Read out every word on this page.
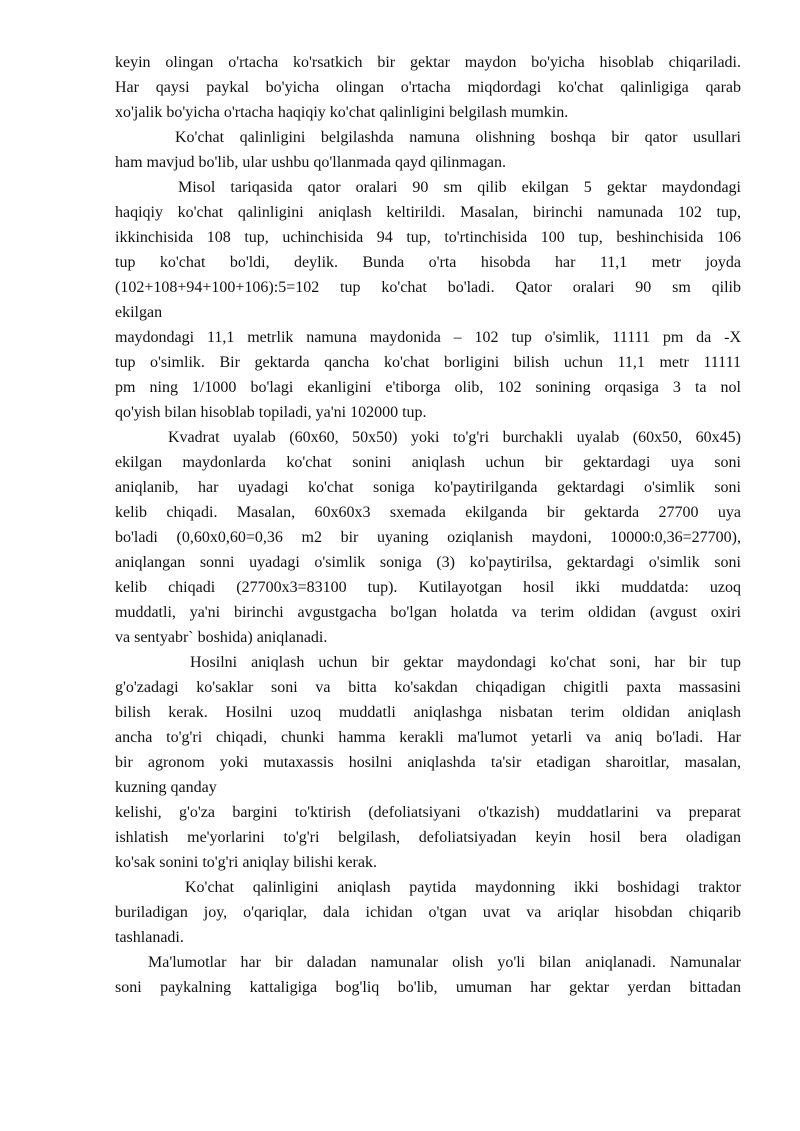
keyin olingan o'rtacha ko'rsatkich bir gektar maydon bo'yicha hisoblab chiqariladi.

Har qaysi paykal bo'yicha olingan o'rtacha miqdordagi ko'chat qalinligiga qarab

xo'jalik bo'yicha o'rtacha haqiqiy ko'chat qalinligini belgilash mumkin.

Ko'chat qalinligini belgilashda namuna olishning boshqa bir qator usullari

ham mavjud bo'lib, ular ushbu qo'llanmada qayd qilinmagan.

Misol tariqasida qator oralari 90 sm qilib ekilgan 5 gektar maydondagi

haqiqiy ko'chat qalinligini aniqlash keltirildi. Masalan, birinchi namunada 102 tup,

ikkinchisida 108 tup, uchinchisida 94 tup, to'rtinchisida 100 tup, beshinchisida 106

tup ko'chat bo'ldi, deylik. Bunda o'rta hisobda har 11,1 metr joyda

(102+108+94+100+106):5=102 tup ko'chat bo'ladi. Qator oralari 90 sm qilib

ekilgan

maydondagi 11,1 metrlik namuna maydonida – 102 tup o'simlik, 11111 pm da -X

tup o'simlik. Bir gektarda qancha ko'chat borligini bilish uchun 11,1 metr 11111

pm ning 1/1000 bo'lagi ekanligini e'tiborga olib, 102 sonining orqasiga 3 ta nol

qo'yish bilan hisoblab topiladi, ya'ni 102000 tup.

Kvadrat uyalab (60x60, 50x50) yoki to'g'ri burchakli uyalab (60x50, 60x45)

ekilgan maydonlarda ko'chat sonini aniqlash uchun bir gektardagi uya soni

aniqlanib, har uyadagi ko'chat soniga ko'paytirilganda gektardagi o'simlik soni

kelib chiqadi. Masalan, 60x60x3 sxemada ekilganda bir gektarda 27700 uya

bo'ladi (0,60x0,60=0,36 m2 bir uyaning oziqlanish maydoni, 10000:0,36=27700),

aniqlangan sonni uyadagi o'simlik soniga (3) ko'paytirilsa, gektardagi o'simlik soni

kelib chiqadi (27700x3=83100 tup). Kutilayotgan hosil ikki muddatda: uzoq

muddatli, ya'ni birinchi avgustgacha bo'lgan holatda va terim oldidan (avgust oxiri

va sentyabr` boshida) aniqlanadi.

Hosilni aniqlash uchun bir gektar maydondagi ko'chat soni, har bir tup

g'o'zadagi ko'saklar soni va bitta ko'sakdan chiqadigan chigitli paxta massasini

bilish kerak. Hosilni uzoq muddatli aniqlashga nisbatan terim oldidan aniqlash

ancha to'g'ri chiqadi, chunki hamma kerakli ma'lumot yetarli va aniq bo'ladi. Har

bir agronom yoki mutaxassis hosilni aniqlashda ta'sir etadigan sharoitlar, masalan,

kuzning qanday

kelishi, g'o'za bargini to'ktirish (defoliatsiyani o'tkazish) muddatlarini va preparat

ishlatish me'yorlarini to'g'ri belgilash, defoliatsiyadan keyin hosil bera oladigan

ko'sak sonini to'g'ri aniqlay bilishi kerak.

Ko'chat qalinligini aniqlash paytida maydonning ikki boshidagi traktor

buriladigan joy, o'qariqlar, dala ichidan o'tgan uvat va ariqlar hisobdan chiqarib

tashlanadi.

Ma'lumotlar har bir daladan namunalar olish yo'li bilan aniqlanadi. Namunalar

soni paykalning kattaligiga bog'liq bo'lib, umuman har gektar yerdan bittadan
